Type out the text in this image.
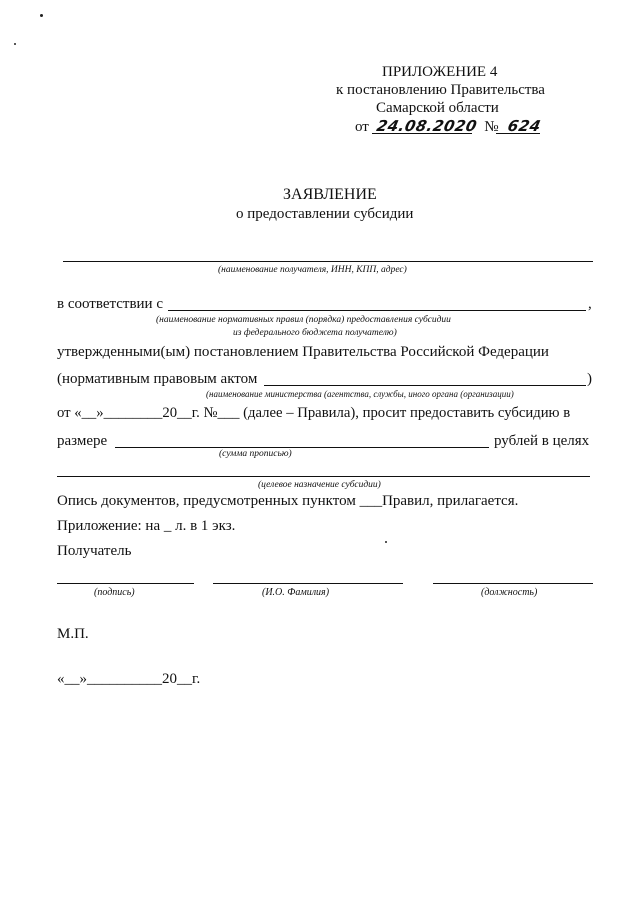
ПРИЛОЖЕНИЕ 4
к постановлению Правительства
Самарской области
от 24.08.2020 № 624
ЗАЯВЛЕНИЕ
о предоставлении субсидии
(наименование получателя, ИНН, КПП, адрес)
в соответствии с	,
(наименование нормативных правил (порядка) предоставления субсидии
из федерального бюджета получателю)
утвержденными(ым) постановлением Правительства Российской Федерации
(нормативным правовым актом	)
(наименование министерства (агентства, службы, иного органа (организации)
от «__»________20__г. №___ (далее – Правила), просит предоставить субсидию в
размере	рублей в целях
(сумма прописью)
(целевое назначение субсидии)
Опись документов, предусмотренных пунктом ___Правил, прилагается.
Приложение: на _ л. в 1 экз.
Получатель
(подпись)	(И.О. Фамилия)	(должность)
М.П.
«__»__________20__г.
